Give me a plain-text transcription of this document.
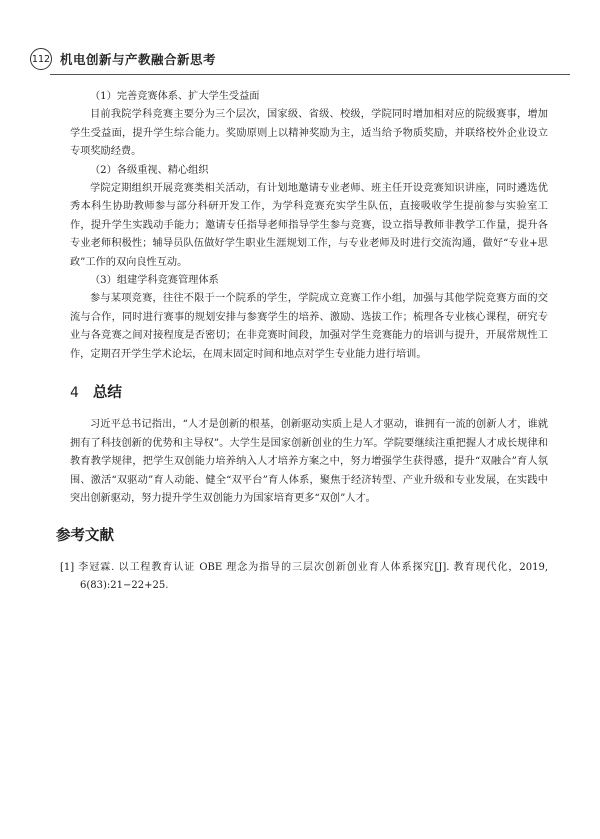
112 机电创新与产教融合新思考

（1）完善竞赛体系、扩大学生受益面

目前我院学科竞赛主要分为三个层次，国家级、省级、校级，学院同时增加相对应的院级赛事，增加学生受益面，提升学生综合能力。奖励原则上以精神奖励为主，适当给予物质奖励，并联络校外企业设立专项奖励经费。

（2）各级重视、精心组织

学院定期组织开展竞赛类相关活动，有计划地邀请专业老师、班主任开设竞赛知识讲座，同时遴选优秀本科生协助教师参与部分科研开发工作，为学科竞赛充实学生队伍，直接吸收学生提前参与实验室工作，提升学生实践动手能力；邀请专任指导老师指导学生参与竞赛，设立指导教师非教学工作量，提升各专业老师积极性；辅导员队伍做好学生职业生涯规划工作，与专业老师及时进行交流沟通，做好“专业+思政”工作的双向良性互动。

（3）组建学科竞赛管理体系

参与某项竞赛，往往不限于一个院系的学生，学院成立竞赛工作小组，加强与其他学院竞赛方面的交流与合作，同时进行赛事的规划安排与参赛学生的培养、激励、选拔工作；梳理各专业核心课程，研究专业与各竞赛之间对接程度是否密切；在非竞赛时间段，加强对学生竞赛能力的培训与提升，开展常规性工作，定期召开学生学术论坛，在周末固定时间和地点对学生专业能力进行培训。

4 总结

习近平总书记指出，“人才是创新的根基，创新驱动实质上是人才驱动，谁拥有一流的创新人才，谁就拥有了科技创新的优势和主导权”。大学生是国家创新创业的生力军。学院要继续注重把握人才成长规律和教育教学规律，把学生双创能力培养纳入人才培养方案之中，努力增强学生获得感，提升“双融合”育人氛围、激活“双驱动”育人动能、健全“双平台”育人体系，聚焦于经济转型、产业升级和专业发展，在实践中突出创新驱动，努力提升学生双创能力为国家培育更多“双创”人才。

参考文献

[1] 李冠霖. 以工程教育认证 OBE 理念为指导的三层次创新创业育人体系探究[J]. 教育现代化，2019, 6(83):21−22+25.
